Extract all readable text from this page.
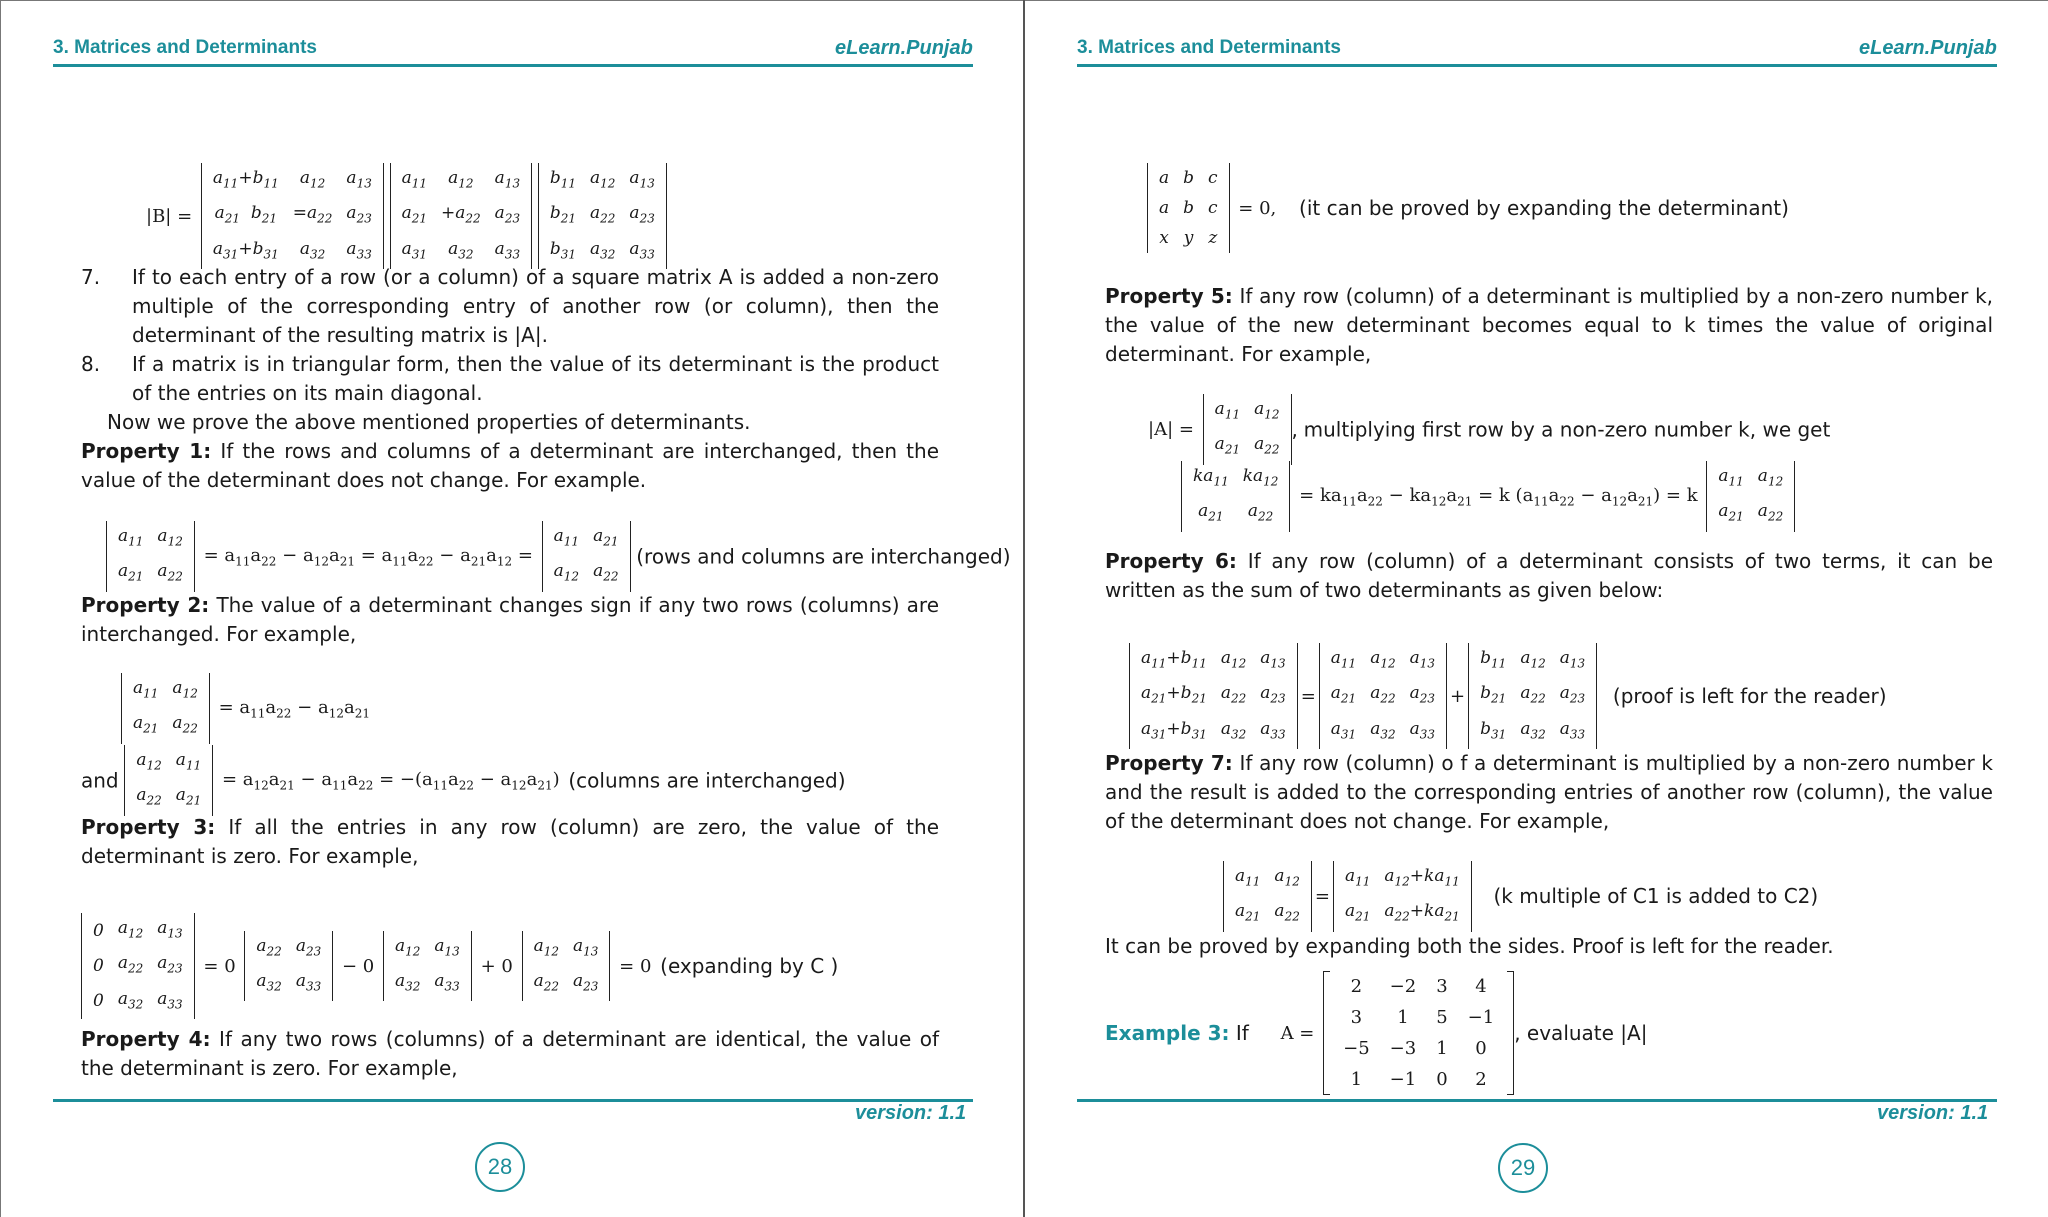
3. Matrices and Determinants	eLearn.Punjab
|B| =
$a_{11}+b_{11}$	$a_{12}$	$a_{13}$
$a_{21}$  $b_{21}$	$=a_{22}$	$a_{23}$
$a_{31}+b_{31}$	$a_{32}$	$a_{33}$

$a_{11}$	$a_{12}$	$a_{13}$
$a_{21}$	$+a_{22}$	$a_{23}$
$a_{31}$	$a_{32}$	$a_{33}$

$b_{11}$	$a_{12}$	$a_{13}$
$b_{21}$	$a_{22}$	$a_{23}$
$b_{31}$	$a_{32}$	$a_{33}$
7. If to each entry of a row (or a column) of a square matrix A is added a non-zero multiple of the corresponding entry of another row (or column), then the determinant of the resulting matrix is |A|.
8. If a matrix is in triangular form, then the value of its determinant is the product of the entries on its main diagonal.
Now we prove the above mentioned properties of determinants.
Property 1: If the rows and columns of a determinant are interchanged, then the value of the determinant does not change. For example.
$a_{11}$	$a_{12}$
$a_{21}$	$a_{22}$
= $a_{11}a_{22} - a_{12}a_{21} = a_{11}a_{22} - a_{21}a_{12}$ =
$a_{11}$	$a_{21}$
$a_{12}$	$a_{22}$
(rows and columns are interchanged)
Property 2: The value of a determinant changes sign if any two rows (columns) are interchanged. For example,
$a_{11}$	$a_{12}$
$a_{21}$	$a_{22}$
= $a_{11}a_{22} - a_{12}a_{21}$
and
$a_{12}$	$a_{11}$
$a_{22}$	$a_{21}$
= $a_{12}a_{21} - a_{11}a_{22} = -(a_{11}a_{22} - a_{12}a_{21})$ (columns are interchanged)
Property 3: If all the entries in any row (column) are zero, the value of the determinant is zero. For example,
0	$a_{12}$	$a_{13}$
0	$a_{22}$	$a_{23}$
0	$a_{32}$	$a_{33}$
= 0
$a_{22}$	$a_{23}$
$a_{32}$	$a_{33}$
− 0
$a_{12}$	$a_{13}$
$a_{32}$	$a_{33}$
+ 0
$a_{12}$	$a_{13}$
$a_{22}$	$a_{23}$
= 0 (expanding by C )
Property 4: If any two rows (columns) of a determinant are identical, the value of the determinant is zero. For example,
version: 1.1
28
3. Matrices and Determinants	eLearn.Punjab
a	b	c
a	b	c
x	y	z
= 0, (it can be proved by expanding the determinant)
Property 5: If any row (column) of a determinant is multiplied by a non-zero number k, the value of the new determinant becomes equal to k times the value of original determinant. For example,
|A| =
$a_{11}$	$a_{12}$
$a_{21}$	$a_{22}$
, multiplying first row by a non-zero number k, we get
$ka_{11}$	$ka_{12}$
$a_{21}$	$a_{22}$
= $ka_{11}a_{22} - ka_{12}a_{21} = k$ $(a_{11}a_{22} - a_{12}a_{21}) = k$
$a_{11}$	$a_{12}$
$a_{21}$	$a_{22}$
Property 6: If any row (column) of a determinant consists of two terms, it can be written as the sum of two determinants as given below:
$a_{11}+b_{11}$	$a_{12}$	$a_{13}$
$a_{21}+b_{21}$	$a_{22}$	$a_{23}$
$a_{31}+b_{31}$	$a_{32}$	$a_{33}$
=
$a_{11}$	$a_{12}$	$a_{13}$
$a_{21}$	$a_{22}$	$a_{23}$
$a_{31}$	$a_{32}$	$a_{33}$
+
$b_{11}$	$a_{12}$	$a_{13}$
$b_{21}$	$a_{22}$	$a_{23}$
$b_{31}$	$a_{32}$	$a_{33}$
(proof is left for the reader)
Property 7: If any row (column) o f a determinant is multiplied by a non-zero number k and the result is added to the corresponding entries of another row (column), the value of the determinant does not change. For example,
$a_{11}$	$a_{12}$
$a_{21}$	$a_{22}$
=
$a_{11}$	$a_{12}+ka_{11}$
$a_{21}$	$a_{22}+ka_{21}$
(k multiple of C1 is added to C2)
It can be proved by expanding both the sides. Proof is left for the reader.
Example 3: If A =
2	−2	3	4
3	1	5	−1
−5	−3	1	0
1	−1	0	2
, evaluate |A|
version: 1.1
29
